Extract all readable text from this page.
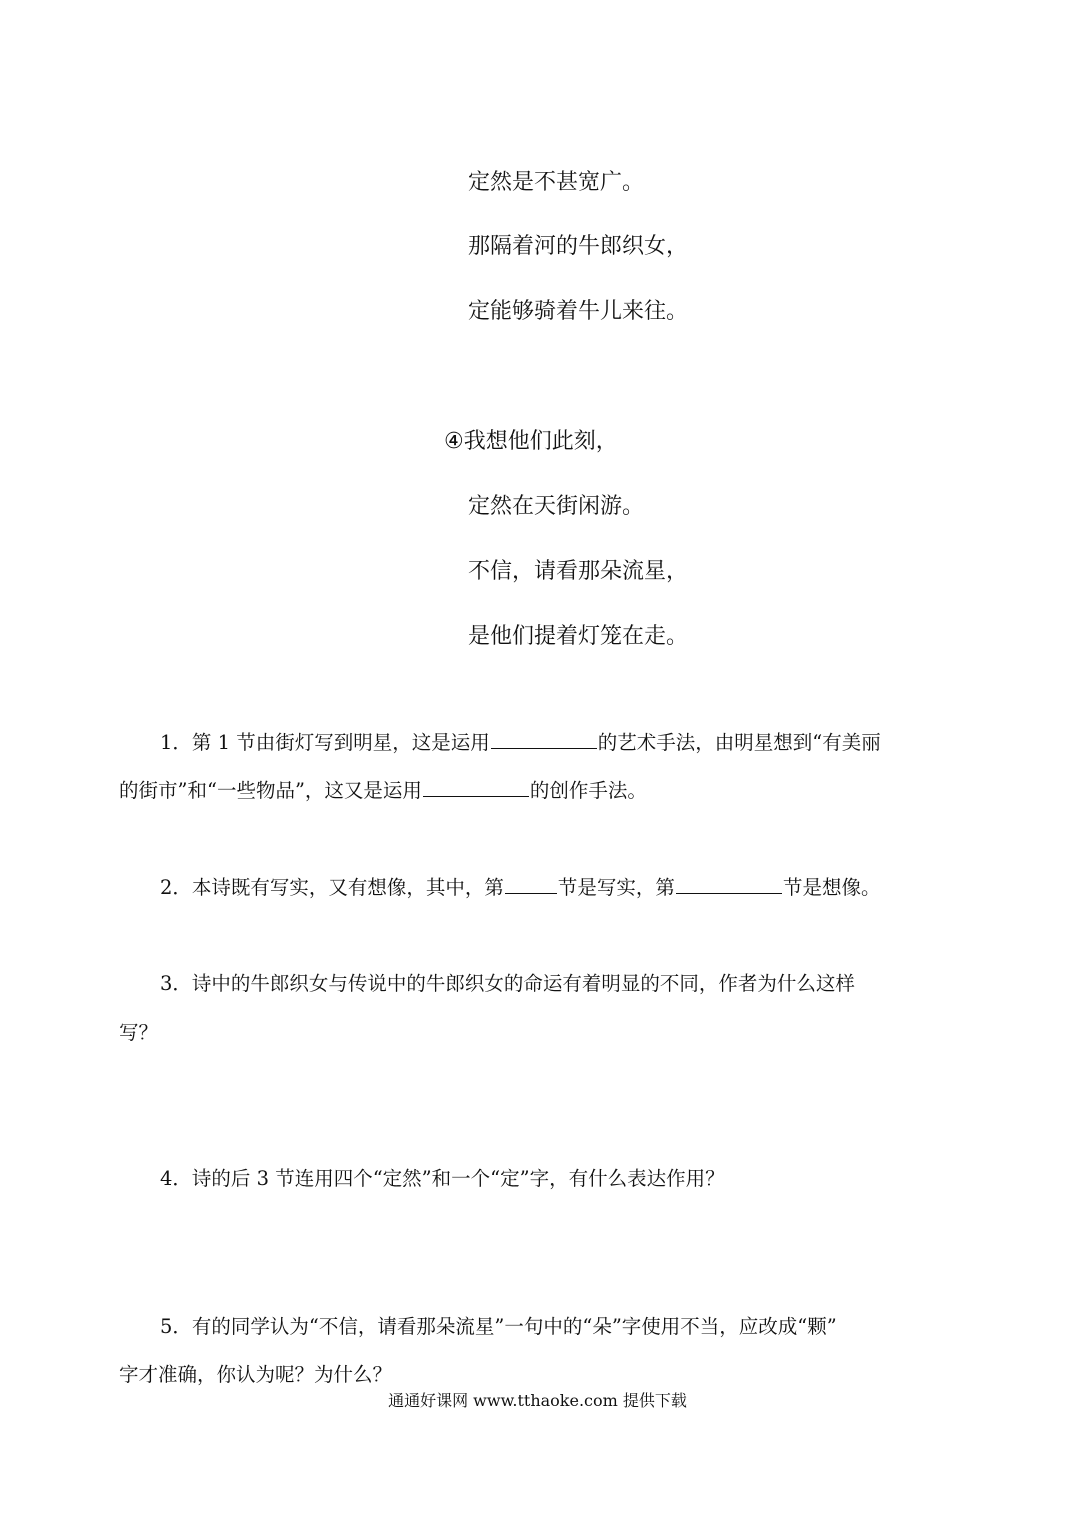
定然是不甚宽广。
那隔着河的牛郎织女，
定能够骑着牛儿来往。
④我想他们此刻，
定然在天街闲游。
不信，请看那朵流星，
是他们提着灯笼在走。
1．第 1 节由街灯写到明星，这是运用	的艺术手法，由明星想到“有美丽
的街市”和“一些物品”，这又是运用	的创作手法。
2．本诗既有写实，又有想像，其中，第	节是写实，第	节是想像。
3．诗中的牛郎织女与传说中的牛郎织女的命运有着明显的不同，作者为什么这样
写？
4．诗的后 3 节连用四个“定然”和一个“定”字，有什么表达作用？
5．有的同学认为“不信，请看那朵流星”一句中的“朵”字使用不当，应改成“颗”
字才准确，你认为呢？为什么？
通通好课网 www.tthaoke.com 提供下载
